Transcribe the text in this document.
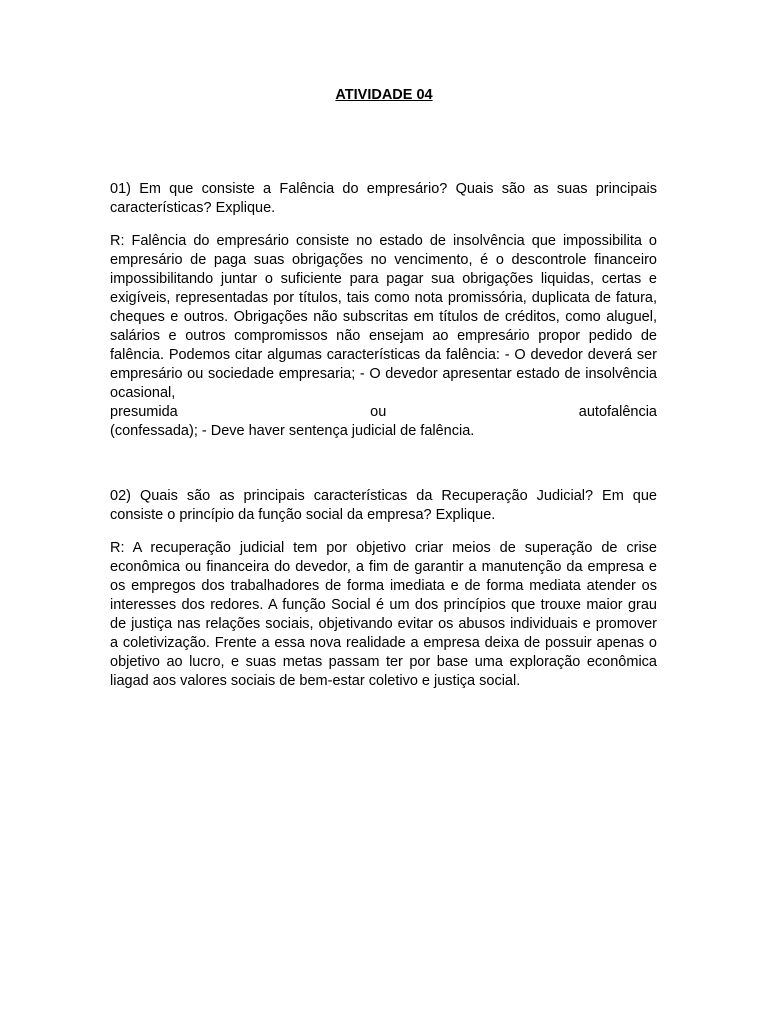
ATIVIDADE 04

01) Em que consiste a Falência do empresário? Quais são as suas principais características? Explique.

R: Falência do empresário consiste no estado de insolvência que impossibilita o empresário de paga suas obrigações no vencimento, é o descontrole financeiro impossibilitando juntar o suficiente para pagar sua obrigações liquidas, certas e exigíveis, representadas por títulos, tais como nota promissória, duplicata de fatura, cheques e outros. Obrigações não subscritas em títulos de créditos, como aluguel, salários e outros compromissos não ensejam ao empresário propor pedido de falência. Podemos citar algumas características da falência: - O devedor deverá ser empresário ou sociedade empresaria; - O devedor apresentar estado de insolvência ocasional,

presumida ou autofalência
(confessada); - Deve haver sentença judicial de falência.

02) Quais são as principais características da Recuperação Judicial? Em que consiste o princípio da função social da empresa? Explique.

R: A recuperação judicial tem por objetivo criar meios de superação de crise econômica ou financeira do devedor, a fim de garantir a manutenção da empresa e os empregos dos trabalhadores de forma imediata e de forma mediata atender os interesses dos redores. A função Social é um dos princípios que trouxe maior grau de justiça nas relações sociais, objetivando evitar os abusos individuais e promover a coletivização. Frente a essa nova realidade a empresa deixa de possuir apenas o objetivo ao lucro, e suas metas passam ter por base uma exploração econômica liagad aos valores sociais de bem-estar coletivo e justiça social.
